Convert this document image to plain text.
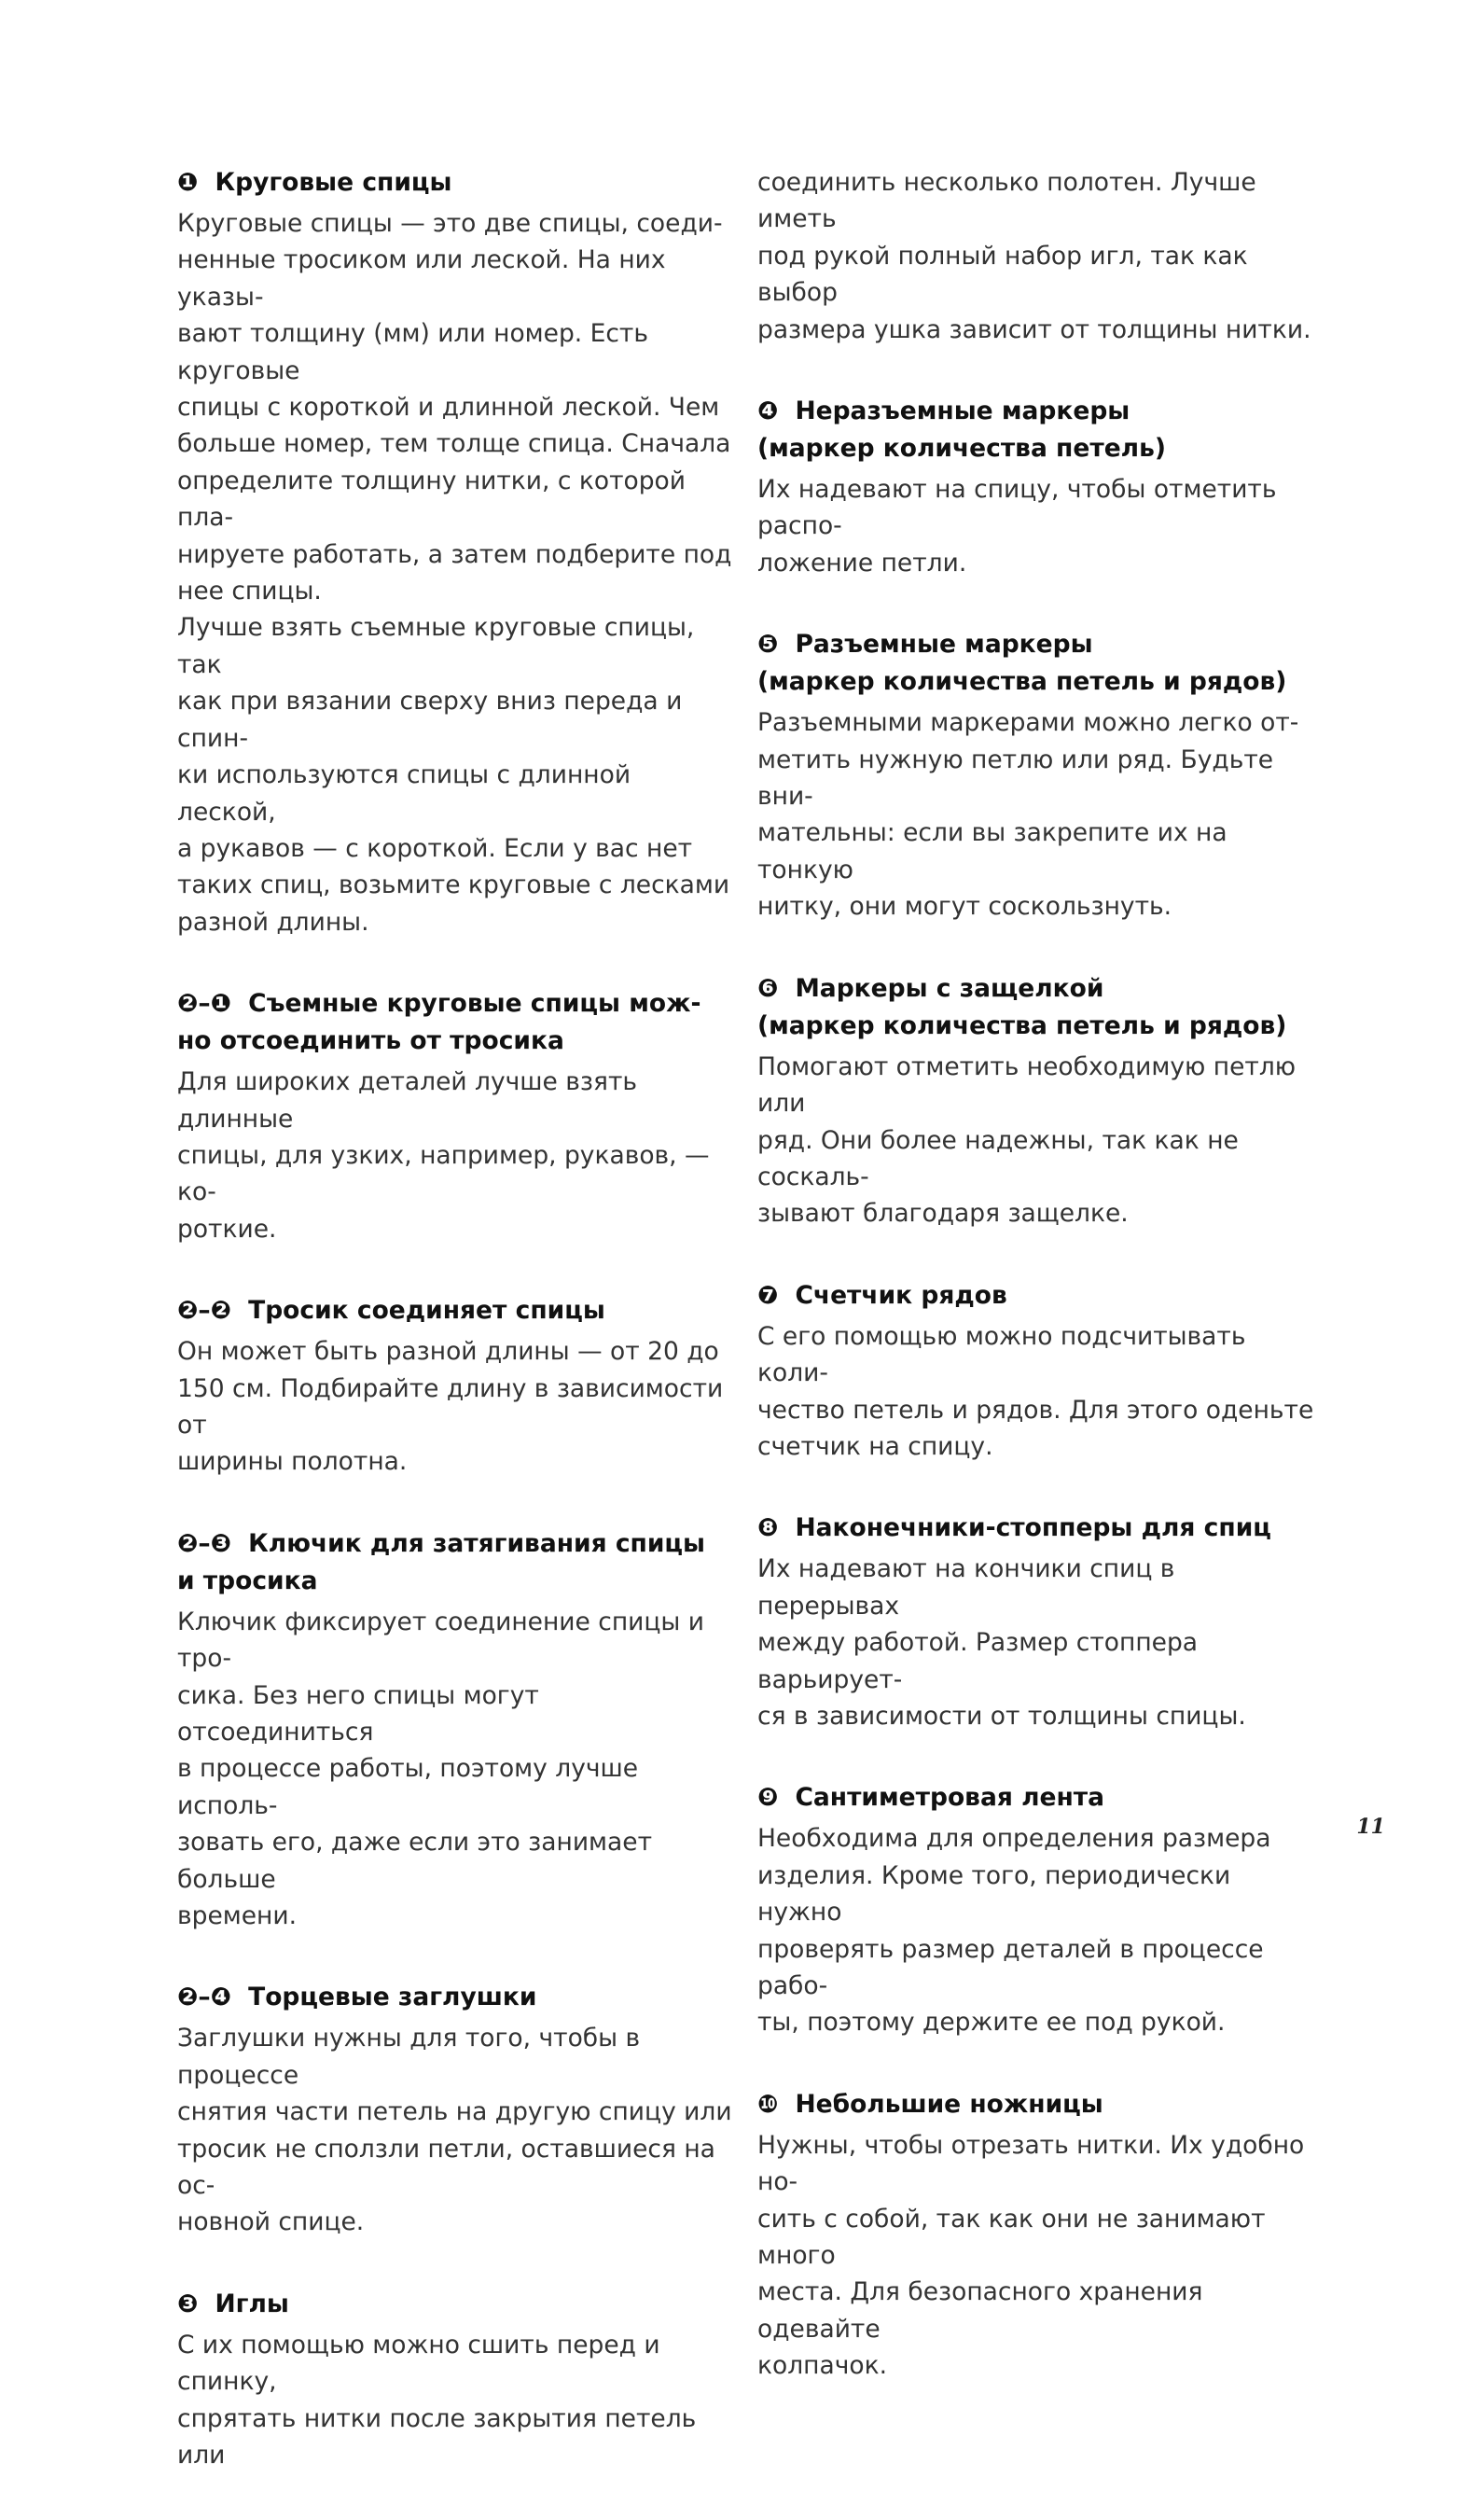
❶ Круговые спицы

Круговые спицы — это две спицы, соеди-
ненные тросиком или леской. На них указы-
вают толщину (мм) или номер. Есть круговые
спицы с короткой и длинной леской. Чем
больше номер, тем толще спица. Сначала
определите толщину нитки, с которой пла-
нируете работать, а затем подберите под
нее спицы.
Лучше взять съемные круговые спицы, так
как при вязании сверху вниз переда и спин-
ки используются спицы с длинной леской,
а рукавов — с короткой. Если у вас нет
таких спиц, возьмите круговые с лесками
разной длины.

❷–❶ Съемные круговые спицы мож-
но отсоединить от тросика

Для широких деталей лучше взять длинные
спицы, для узких, например, рукавов, — ко-
роткие.

❷–❷ Тросик соединяет спицы

Он может быть разной длины — от 20 до
150 см. Подбирайте длину в зависимости от
ширины полотна.

❷–❸ Ключик для затягивания спицы
и тросика

Ключик фиксирует соединение спицы и тро-
сика. Без него спицы могут отсоединиться
в процессе работы, поэтому лучше исполь-
зовать его, даже если это занимает больше
времени.

❷–❹ Торцевые заглушки

Заглушки нужны для того, чтобы в процессе
снятия части петель на другую спицу или
тросик не сползли петли, оставшиеся на ос-
новной спице.

❸ Иглы

С их помощью можно сшить перед и спинку,
спрятать нитки после закрытия петель или

соединить несколько полотен. Лучше иметь
под рукой полный набор игл, так как выбор
размера ушка зависит от толщины нитки.

❹ Неразъемные маркеры
(маркер количества петель)

Их надевают на спицу, чтобы отметить распо-
ложение петли.

❺ Разъемные маркеры
(маркер количества петель и рядов)

Разъемными маркерами можно легко от-
метить нужную петлю или ряд. Будьте вни-
мательны: если вы закрепите их на тонкую
нитку, они могут соскользнуть.

❻ Маркеры с защелкой
(маркер количества петель и рядов)

Помогают отметить необходимую петлю или
ряд. Они более надежны, так как не соскаль-
зывают благодаря защелке.

❼ Счетчик рядов

С его помощью можно подсчитывать коли-
чество петель и рядов. Для этого оденьте
счетчик на спицу.

❽ Наконечники-стопперы для спиц

Их надевают на кончики спиц в перерывах
между работой. Размер стоппера варьирует-
ся в зависимости от толщины спицы.

❾ Сантиметровая лента

Необходима для определения размера
изделия. Кроме того, периодически нужно
проверять размер деталей в процессе рабо-
ты, поэтому держите ее под рукой.

❿ Небольшие ножницы

Нужны, чтобы отрезать нитки. Их удобно но-
сить с собой, так как они не занимают много
места. Для безопасного хранения одевайте
колпачок.

11
